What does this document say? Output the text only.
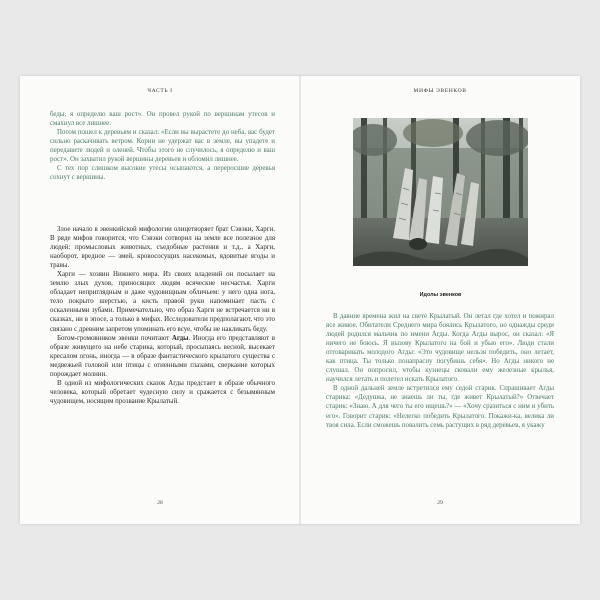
ЧАСТЬ I

беды, я определю ваш рост». Он провел рукой по вершинам утесов и смахнул все лишнее.

Потом пошел к деревьям и сказал: «Если вы вырастете до неба, вас будет сильно раскачивать ветром. Корни не удержат вас в земле, вы упадете и передавите людей и оленей. Чтобы этого не случилось, я определю и ваш рост». Он захватил рукой вершины деревьев и обломил лишнее.

С тех пор слишком высокие утесы осыпаются, а переросшие деревья сохнут с вершины.

Злое начало в эвенкийской мифологии олицетворяет брат Сэвэки, Харги. В ряде мифов говорится, что Сэвэки сотворил на земле все полезное для людей: промысловых животных, съедобные растения и т.д., а Харги, наоборот, вредное — змей, кровососущих насекомых, ядовитые ягоды и травы.

Харги — хозяин Нижнего мира. Из своих владений он посылает на землю злых духов, приносящих людям всяческие несчастья. Харги обладает неприглядным и даже чудовищным обличьем: у него одна нога, тело покрыто шерстью, а кисть правой руки напоминает пасть с оскаленными зубами. Примечательно, что образ Харги не встречается ни в сказках, ни в эпосе, а только в мифах. Исследователи предполагают, что это связано с древним запретом упоминать его всуе, чтобы не накликать беду.

Богом-громовником эвенки почитают Агды. Иногда его представляют в образе живущего на небе старика, который, просыпаясь весной, высекает кресалом огонь, иногда — в образе фантастического крылатого существа с медвежьей головой или птицы с огненными глазами, сверкание которых порождает молнии.

В одной из мифологических сказок Агды предстает в образе обычного человека, который обретает чудесную силу и сражается с безымянным чудовищем, носящим прозвание Крылатый.

28
МИФЫ ЭВЕНКОВ
Идолы эвенков

В давние времена жил на свете Крылатый. Он летал где хотел и пожирал все живое. Обитатели Среднего мира боялись Крылатого, но однажды среди людей родился мальчик по имени Агды. Когда Агды вырос, он сказал: «Я ничего не боюсь. Я вызову Крылатого на бой и убью его». Люди стали отговаривать молодого Агды: «Это чудовище нельзя победить, оно летает, как птица. Ты только понапрасну погубишь себя». Но Агды никого не слушал. Он попросил, чтобы кузнецы сковали ему железные крылья, научился летать и полетел искать Крылатого.

В одной дальней земле встретился ему седой старик. Спрашивает Агды старика: «Дедушка, не знаешь ли ты, где живет Крылатый?» Отвечает старик: «Знаю. А для чего ты его ищешь?» — «Хочу сразиться с ним и убить его». Говорит старик: «Нелегко победить Крылатого. Покажи-ка, велика ли твоя сила. Если сможешь повалить семь растущих в ряд деревьев, я укажу

29
